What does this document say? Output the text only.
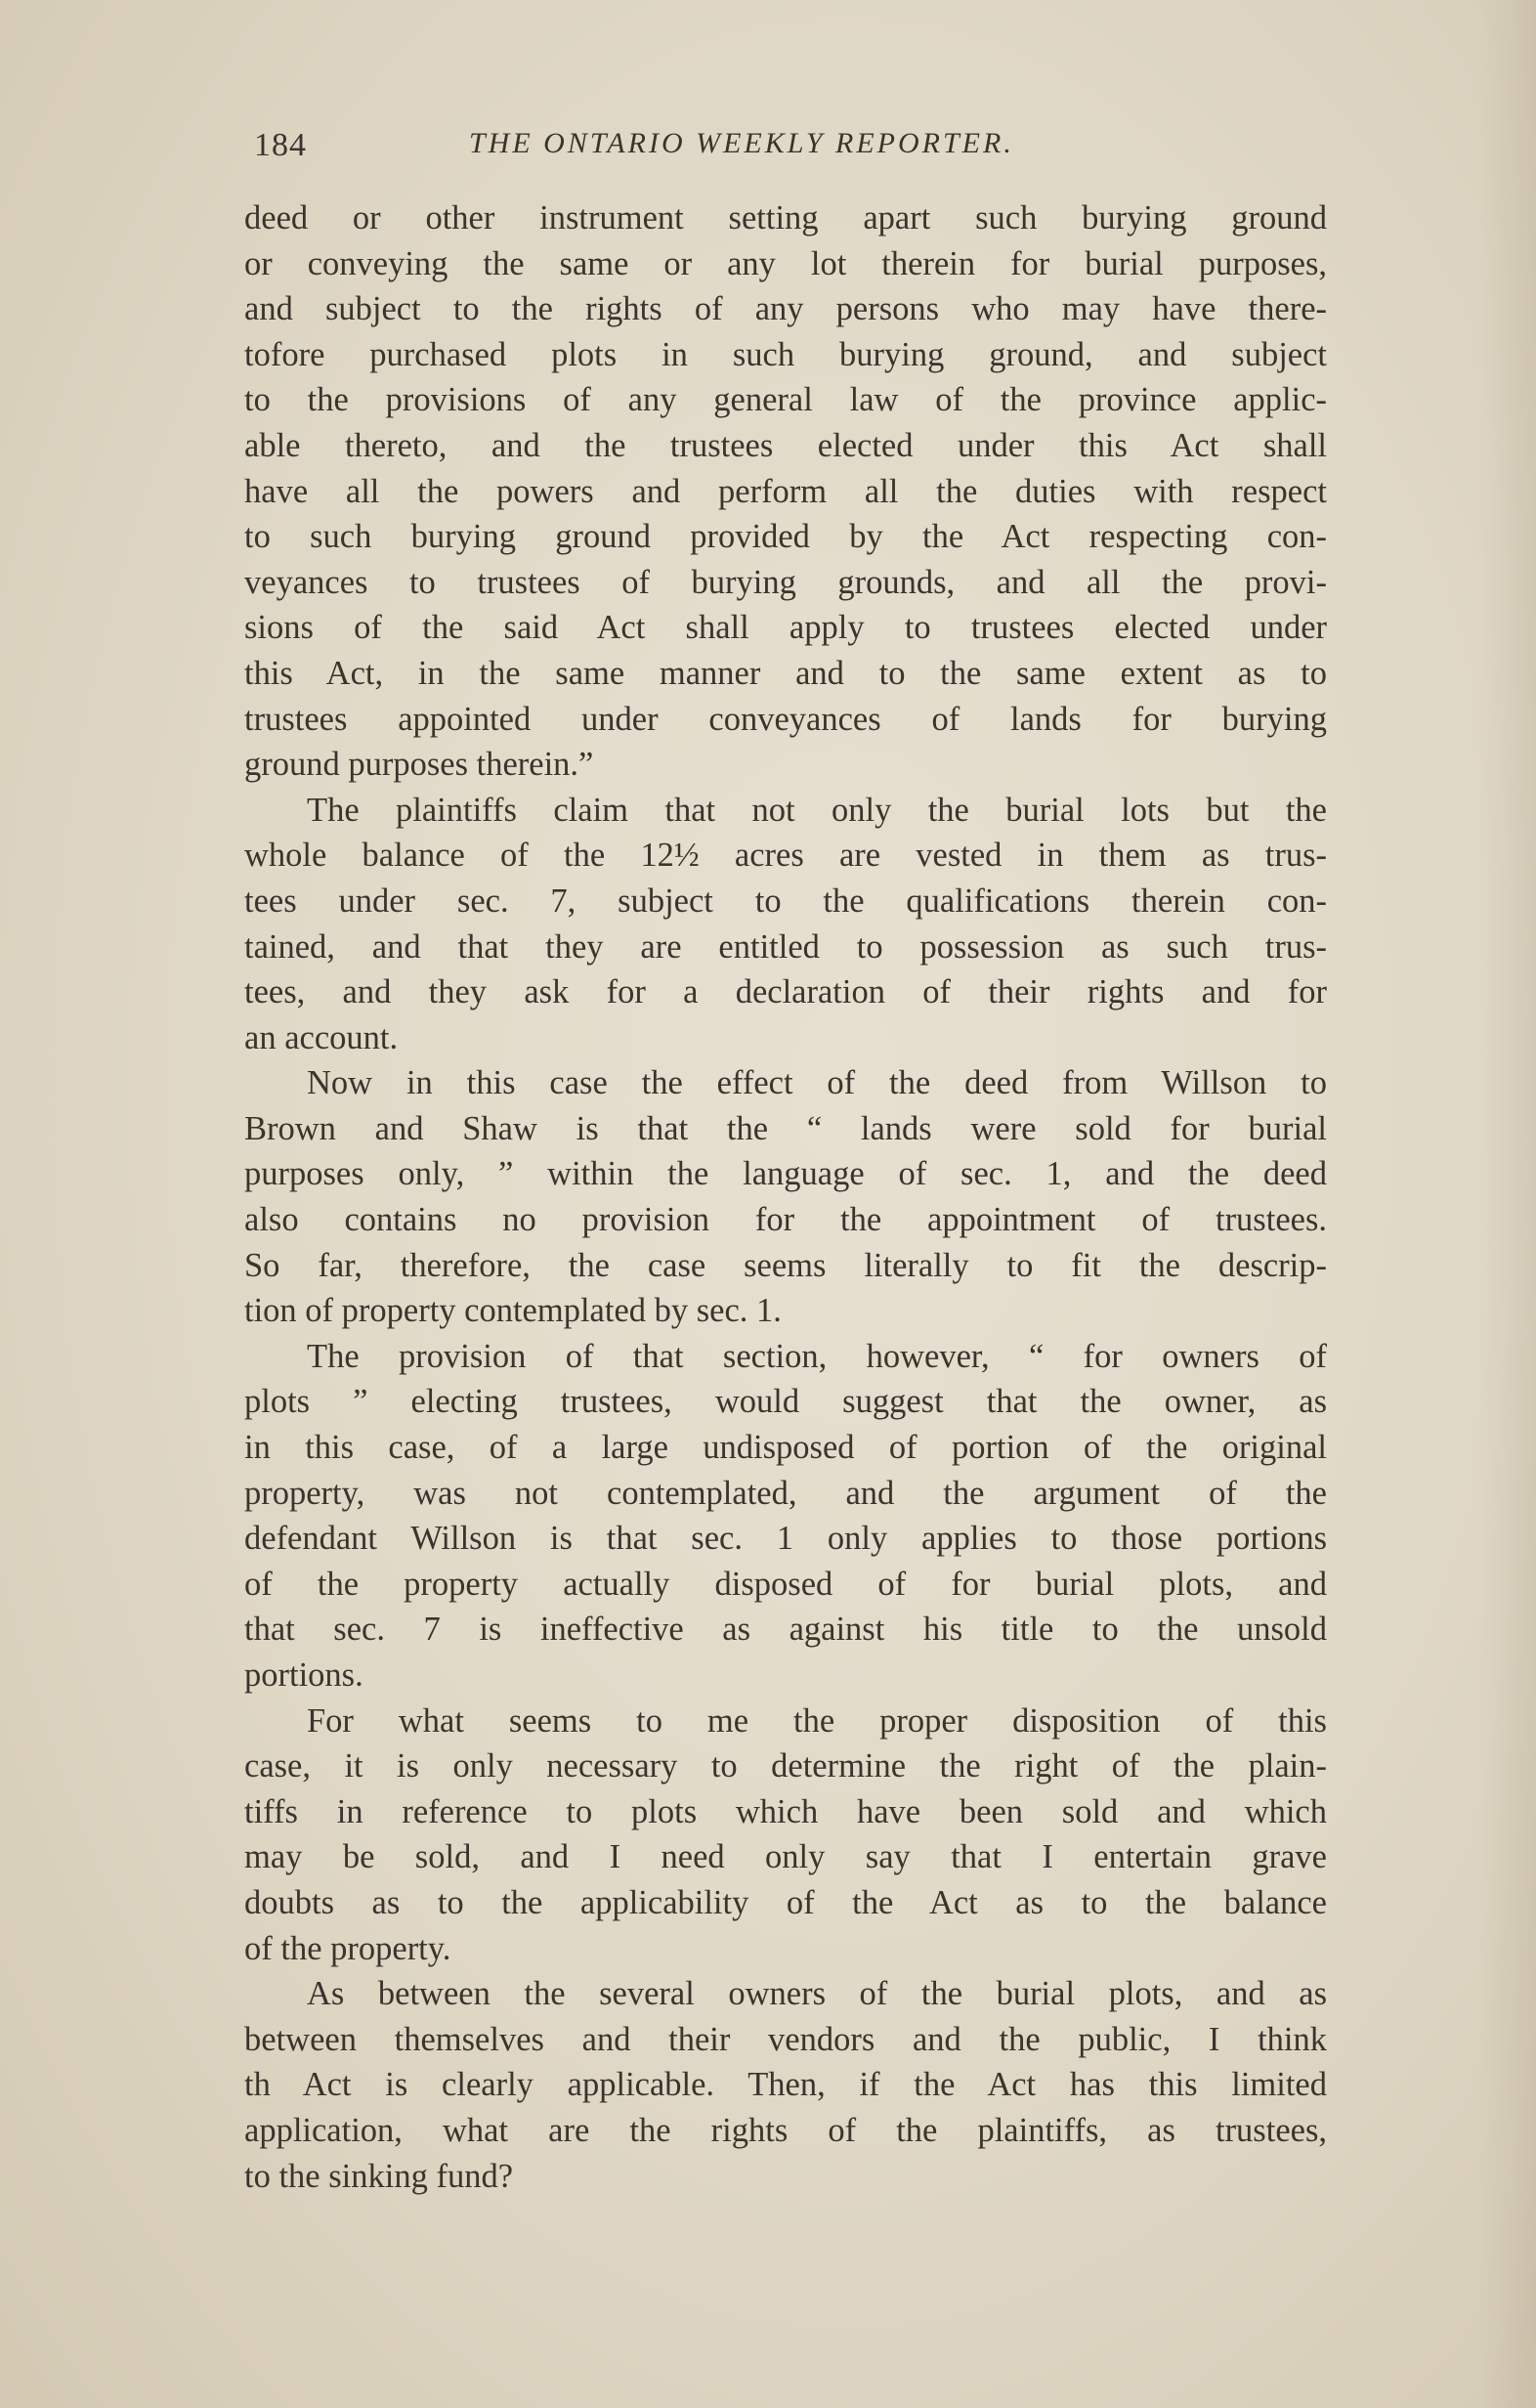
184	THE ONTARIO WEEKLY REPORTER.

deed or other instrument setting apart such burying ground
or conveying the same or any lot therein for burial purposes,
and subject to the rights of any persons who may have there-
tofore purchased plots in such burying ground, and subject
to the provisions of any general law of the province applic-
able thereto, and the trustees elected under this Act shall
have all the powers and perform all the duties with respect
to such burying ground provided by the Act respecting con-
veyances to trustees of burying grounds, and all the provi-
sions of the said Act shall apply to trustees elected under
this Act, in the same manner and to the same extent as to
trustees appointed under conveyances of lands for burying
ground purposes therein.”

The plaintiffs claim that not only the burial lots but the
whole balance of the 12½ acres are vested in them as trus-
tees under sec. 7, subject to the qualifications therein con-
tained, and that they are entitled to possession as such trus-
tees, and they ask for a declaration of their rights and for
an account.

Now in this case the effect of the deed from Willson to
Brown and Shaw is that the “ lands were sold for burial
purposes only, ” within the language of sec. 1, and the deed
also contains no provision for the appointment of trustees.
So far, therefore, the case seems literally to fit the descrip-
tion of property contemplated by sec. 1.

The provision of that section, however, “ for owners of
plots ” electing trustees, would suggest that the owner, as
in this case, of a large undisposed of portion of the original
property, was not contemplated, and the argument of the
defendant Willson is that sec. 1 only applies to those portions
of the property actually disposed of for burial plots, and
that sec. 7 is ineffective as against his title to the unsold
portions.

For what seems to me the proper disposition of this
case, it is only necessary to determine the right of the plain-
tiffs in reference to plots which have been sold and which
may be sold, and I need only say that I entertain grave
doubts as to the applicability of the Act as to the balance
of the property.

As between the several owners of the burial plots, and as
between themselves and their vendors and the public, I think
th Act is clearly applicable. Then, if the Act has this limited
application, what are the rights of the plaintiffs, as trustees,
to the sinking fund?
